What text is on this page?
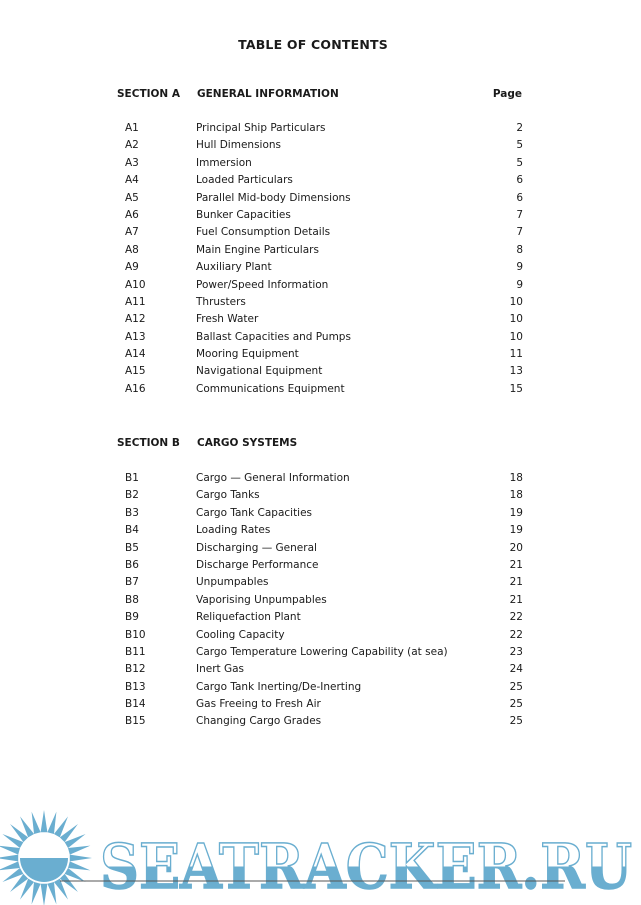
TABLE OF CONTENTS
SECTION A GENERAL INFORMATION	Page
A1	Principal Ship Particulars	2
A2	Hull Dimensions	5
A3	Immersion	5
A4	Loaded Particulars	6
A5	Parallel Mid-body Dimensions	6
A6	Bunker Capacities	7
A7	Fuel Consumption Details	7
A8	Main Engine Particulars	8
A9	Auxiliary Plant	9
A10	Power/Speed Information	9
A11	Thrusters	10
A12	Fresh Water	10
A13	Ballast Capacities and Pumps	10
A14	Mooring Equipment	11
A15	Navigational Equipment	13
A16	Communications Equipment	15
SECTION B CARGO SYSTEMS
B1	Cargo — General Information	18
B2	Cargo Tanks	18
B3	Cargo Tank Capacities	19
B4	Loading Rates	19
B5	Discharging — General	20
B6	Discharge Performance	21
B7	Unpumpables	21
B8	Vaporising Unpumpables	21
B9	Reliquefaction Plant	22
B10	Cooling Capacity	22
B11	Cargo Temperature Lowering Capability (at sea)	23
B12	Inert Gas	24
B13	Cargo Tank Inerting/De-Inerting	25
B14	Gas Freeing to Fresh Air	25
B15	Changing Cargo Grades	25
SEATRACKER.RU
